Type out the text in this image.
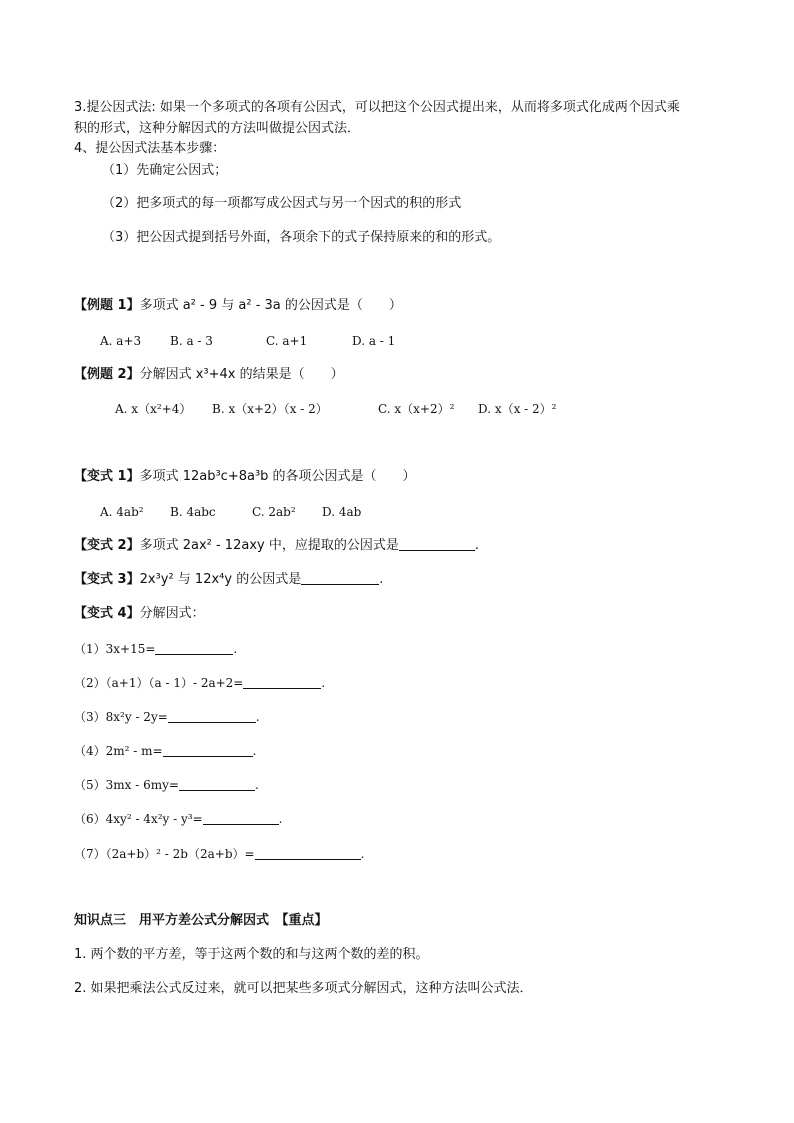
3.提公因式法: 如果一个多项式的各项有公因式，可以把这个公因式提出来，从而将多项式化成两个因式乘
积的形式，这种分解因式的方法叫做提公因式法．
4、提公因式法基本步骤：
（1）先确定公因式；
（2）把多项式的每一项都写成公因式与另一个因式的积的形式
（3）把公因式提到括号外面，各项余下的式子保持原来的和的形式。
【例题 1】多项式 a² - 9 与 a² - 3a 的公因式是（　　）
A. a+3 B. a - 3	C. a+1	D. a - 1
【例题 2】分解因式 x³+4x 的结果是（　　）
A. x（x²+4） B. x（x+2）（x - 2）	C. x（x+2）² D. x（x - 2）²
【变式 1】多项式 12ab³c+8a³b 的各项公因式是（　　）
A. 4ab² B. 4abc	C. 2ab² D. 4ab
【变式 2】多项式 2ax² - 12axy 中，应提取的公因式是	.
【变式 3】2x³y² 与 12x⁴y 的公因式是	.
【变式 4】分解因式：
（1）3x+15=	.
（2）（a+1）（a - 1）- 2a+2=	.
（3）8x²y - 2y=	.
（4）2m² - m=	.
（5）3mx - 6my=	.
（6）4xy² - 4x²y - y³=	.
（7）（2a+b）² - 2b（2a+b）=	.
知识点三　用平方差公式分解因式　【重点】
1. 两个数的平方差，等于这两个数的和与这两个数的差的积。
2. 如果把乘法公式反过来，就可以把某些多项式分解因式，这种方法叫公式法．
